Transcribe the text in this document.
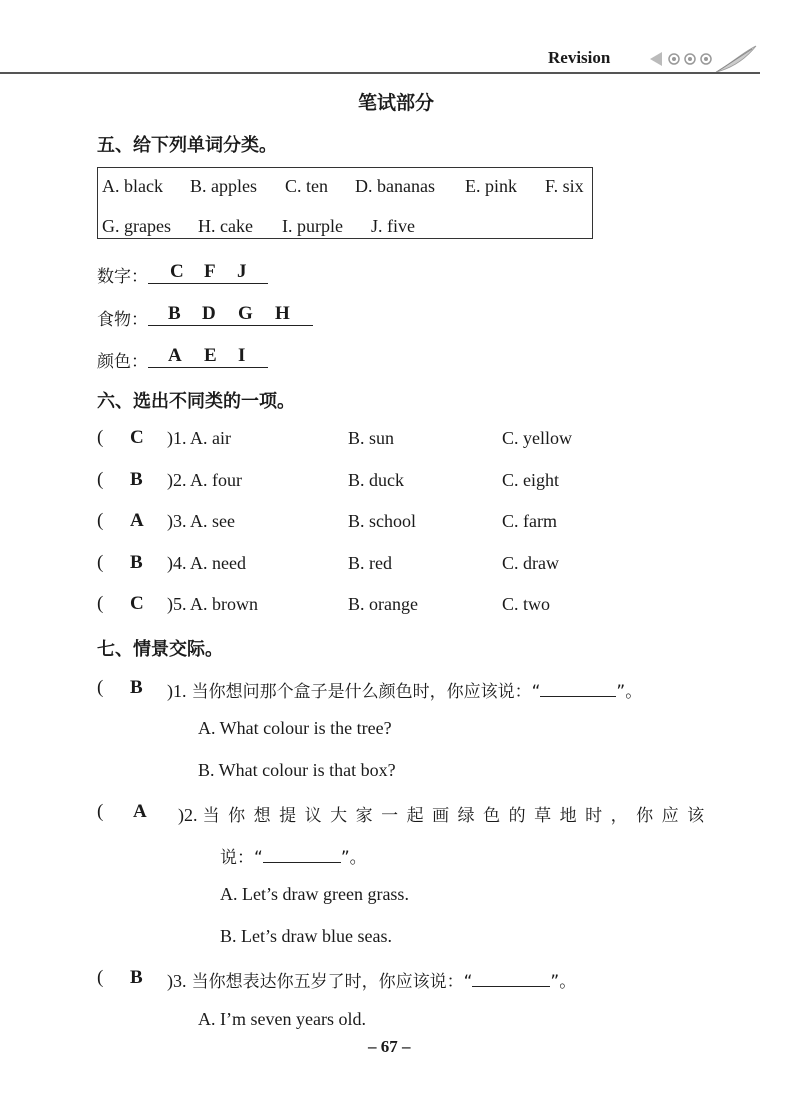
Revision
笔试部分
五、给下列单词分类。
A. black B. apples C. ten D. bananas E. pink F. six
G. grapes H. cake I. purple J. five
数字： C F J
食物： B D G H
颜色： A E I
六、选出不同类的一项。
( C )1. A. air	B. sun	C. yellow
( B )2. A. four	B. duck	C. eight
( A )3. A. see	B. school	C. farm
( B )4. A. need	B. red	C. draw
( C )5. A. brown	B. orange	C. two
七、情景交际。
( B )1. 当你想问那个盒子是什么颜色时，你应该说：“	”。
A. What colour is the tree?
B. What colour is that box?
( A )2. 当你想提议大家一起画绿色的草地时，你应该
说：“	”。
A. Let’s draw green grass.
B. Let’s draw blue seas.
( B )3. 当你想表达你五岁了时，你应该说：“	”。
A. I’m seven years old.
– 67 –
